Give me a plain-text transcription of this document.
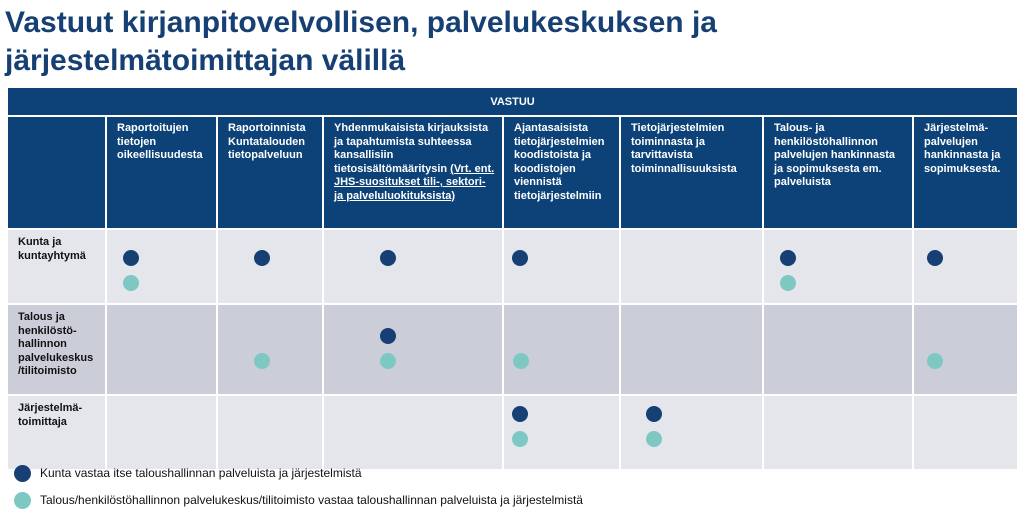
Vastuut kirjanpitovelvollisen, palvelukeskuksen ja järjestelmätoimittajan välillä
VASTUU							
	Raportoitujen tietojen oikeellisuudesta	Raportoinnista Kuntatalouden tietopalveluun	Yhdenmukaisista kirjauksista ja tapahtumista suhteessa kansallisiin tietosisältömääritysin (Vrt. ent. JHS-suositukset tili-, sektori- ja palveluluokituksista)	Ajantasaisista tietojärjestelmien koodistoista ja koodistojen viennistä tietojärjestelmiin	Tietojärjestelmien toiminnasta ja tarvittavista toiminnallisuuksista	Talous- ja henkilöstöhallinnon palvelujen hankinnasta ja sopimuksesta em. palveluista	Järjestelmä-palvelujen hankinnasta ja sopimuksesta.
Kunta ja kuntayhtymä	

Talous ja henkilöstö-hallinnon palvelukeskus /tilitoimisto		

Järjestelmä-toimittaja				

Kunta vastaa itse taloushallinnan palveluista ja järjestelmistä
Talous/henkilöstöhallinnon palvelukeskus/tilitoimisto vastaa taloushallinnan palveluista ja järjestelmistä
